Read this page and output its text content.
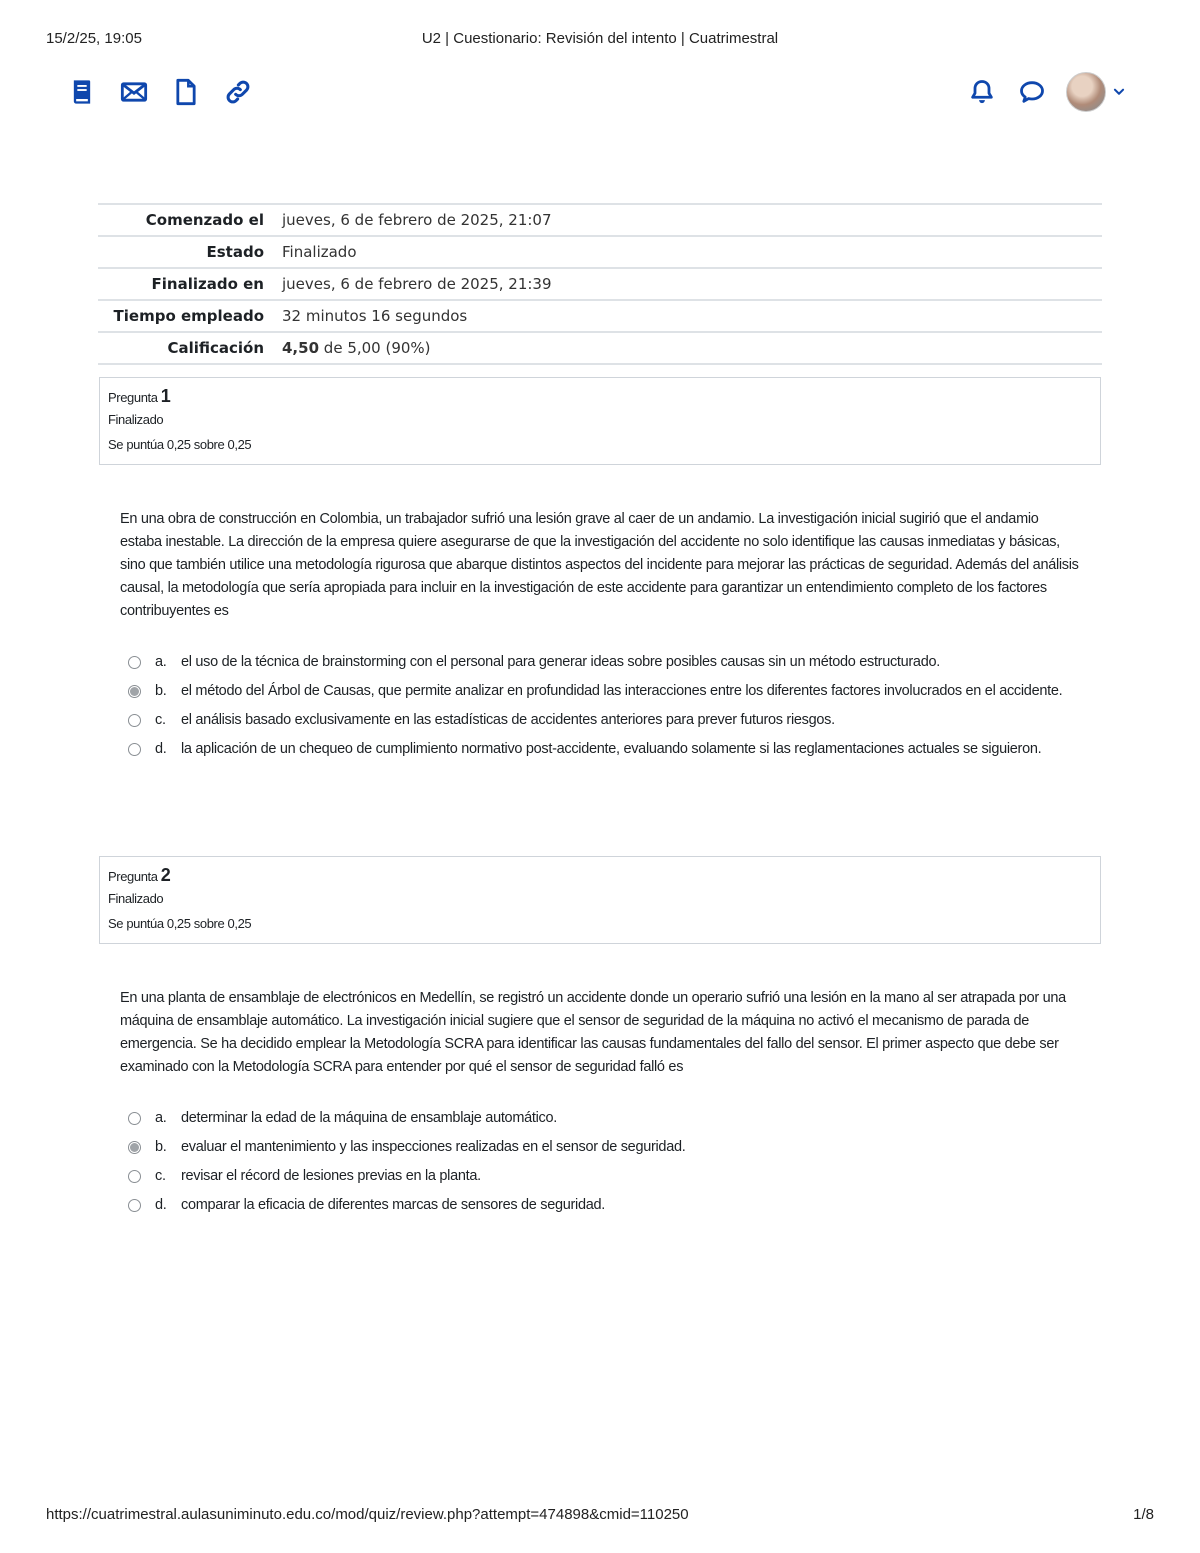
15/2/25, 19:05	U2 | Cuestionario: Revisión del intento | Cuatrimestral
Comenzado el	jueves, 6 de febrero de 2025, 21:07
Estado	Finalizado
Finalizado en	jueves, 6 de febrero de 2025, 21:39
Tiempo empleado	32 minutos 16 segundos
Calificación	4,50 de 5,00 (90%)
Pregunta 1
Finalizado
Se puntúa 0,25 sobre 0,25
En una obra de construcción en Colombia, un trabajador sufrió una lesión grave al caer de un andamio. La investigación inicial sugirió que el andamio estaba inestable. La dirección de la empresa quiere asegurarse de que la investigación del accidente no solo identifique las causas inmediatas y básicas, sino que también utilice una metodología rigurosa que abarque distintos aspectos del incidente para mejorar las prácticas de seguridad. Además del análisis causal, la metodología que sería apropiada para incluir en la investigación de este accidente para garantizar un entendimiento completo de los factores contribuyentes es
a.	el uso de la técnica de brainstorming con el personal para generar ideas sobre posibles causas sin un método estructurado.
b.	el método del Árbol de Causas, que permite analizar en profundidad las interacciones entre los diferentes factores involucrados en el accidente.
c.	el análisis basado exclusivamente en las estadísticas de accidentes anteriores para prever futuros riesgos.
d.	la aplicación de un chequeo de cumplimiento normativo post-accidente, evaluando solamente si las reglamentaciones actuales se siguieron.
Pregunta 2
Finalizado
Se puntúa 0,25 sobre 0,25
En una planta de ensamblaje de electrónicos en Medellín, se registró un accidente donde un operario sufrió una lesión en la mano al ser atrapada por una máquina de ensamblaje automático. La investigación inicial sugiere que el sensor de seguridad de la máquina no activó el mecanismo de parada de emergencia. Se ha decidido emplear la Metodología SCRA para identificar las causas fundamentales del fallo del sensor. El primer aspecto que debe ser examinado con la Metodología SCRA para entender por qué el sensor de seguridad falló es
a.	determinar la edad de la máquina de ensamblaje automático.
b.	evaluar el mantenimiento y las inspecciones realizadas en el sensor de seguridad.
c.	revisar el récord de lesiones previas en la planta.
d.	comparar la eficacia de diferentes marcas de sensores de seguridad.
https://cuatrimestral.aulasuniminuto.edu.co/mod/quiz/review.php?attempt=474898&cmid=110250	1/8
